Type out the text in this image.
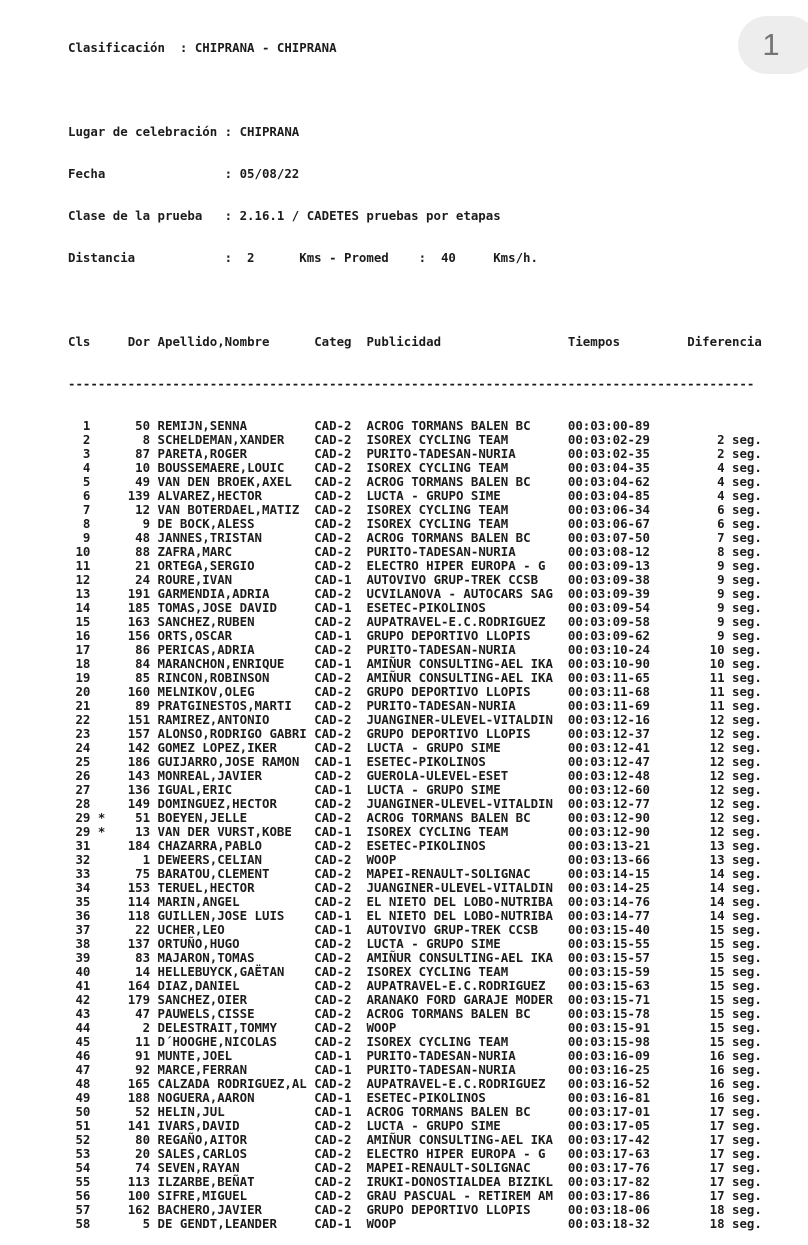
1

Clasificación : CHIPRANA - CHIPRANA

Lugar de celebración : CHIPRANA

Fecha	: 05/08/22

Clase de la prueba : 2.16.1 / CADETES pruebas por etapas

Distancia	:  2      Kms - Promed    :  40     Kms/h.

Cls     Dor Apellido,Nombre      Categ Publicidad                 Tiempos         Diferencia

--------------------------------------------------------------------------------------------

1      50 REMIJN,SENNA         CAD-2 ACROG TORMANS BALEN BC     00:03:00-89
2       8 SCHELDEMAN,XANDER    CAD-2 ISOREX CYCLING TEAM        00:03:02-29         2 seg.
3      87 PARETA,ROGER         CAD-2 PURITO-TADESAN-NURIA       00:03:02-35         2 seg.
4      10 BOUSSEMAERE,LOUIC    CAD-2 ISOREX CYCLING TEAM        00:03:04-35         4 seg.
5      49 VAN DEN BROEK,AXEL   CAD-2 ACROG TORMANS BALEN BC     00:03:04-62         4 seg.
6     139 ALVAREZ,HECTOR       CAD-2 LUCTA - GRUPO SIME         00:03:04-85         4 seg.
7      12 VAN BOTERDAEL,MATIZ  CAD-2 ISOREX CYCLING TEAM        00:03:06-34         6 seg.
8       9 DE BOCK,ALESS        CAD-2 ISOREX CYCLING TEAM        00:03:06-67         6 seg.
9      48 JANNES,TRISTAN       CAD-2 ACROG TORMANS BALEN BC     00:03:07-50         7 seg.
10      88 ZAFRA,MARC           CAD-2 PURITO-TADESAN-NURIA       00:03:08-12         8 seg.
11      21 ORTEGA,SERGIO        CAD-2 ELECTRO HIPER EUROPA - G   00:03:09-13         9 seg.
12      24 ROURE,IVAN           CAD-1 AUTOVIVO GRUP-TREK CCSB    00:03:09-38         9 seg.
13     191 GARMENDIA,ADRIA      CAD-2 UCVILANOVA - AUTOCARS SAG 00:03:09-39         9 seg.
14     185 TOMAS,JOSE DAVID     CAD-1 ESETEC-PIKOLINOS           00:03:09-54         9 seg.
15     163 SANCHEZ,RUBEN        CAD-2 AUPATRAVEL-E.C.RODRIGUEZ   00:03:09-58         9 seg.
16     156 ORTS,OSCAR           CAD-1 GRUPO DEPORTIVO LLOPIS     00:03:09-62         9 seg.
17      86 PERICAS,ADRIA        CAD-2 PURITO-TADESAN-NURIA       00:03:10-24        10 seg.
18      84 MARANCHON,ENRIQUE    CAD-1 AMIÑUR CONSULTING-AEL IKA 00:03:10-90        10 seg.
19      85 RINCON,ROBINSON      CAD-2 AMIÑUR CONSULTING-AEL IKA 00:03:11-65        11 seg.
20     160 MELNIKOV,OLEG        CAD-2 GRUPO DEPORTIVO LLOPIS     00:03:11-68        11 seg.
21      89 PRATGINESTOS,MARTI   CAD-2 PURITO-TADESAN-NURIA       00:03:11-69        11 seg.
22     151 RAMIREZ,ANTONIO      CAD-2 JUANGINER-ULEVEL-VITALDIN 00:03:12-16        12 seg.
23     157 ALONSO,RODRIGO GABRI CAD-2 GRUPO DEPORTIVO LLOPIS     00:03:12-37        12 seg.
24     142 GOMEZ LOPEZ,IKER     CAD-2 LUCTA - GRUPO SIME         00:03:12-41        12 seg.
25     186 GUIJARRO,JOSE RAMON  CAD-1 ESETEC-PIKOLINOS           00:03:12-47        12 seg.
26     143 MONREAL,JAVIER       CAD-2 GUEROLA-ULEVEL-ESET        00:03:12-48        12 seg.
27     136 IGUAL,ERIC           CAD-1 LUCTA - GRUPO SIME         00:03:12-60        12 seg.
28     149 DOMINGUEZ,HECTOR     CAD-2 JUANGINER-ULEVEL-VITALDIN 00:03:12-77        12 seg.
29 *    51 BOEYEN,JELLE         CAD-2 ACROG TORMANS BALEN BC     00:03:12-90        12 seg.
29 *    13 VAN DER VURST,KOBE   CAD-1 ISOREX CYCLING TEAM        00:03:12-90        12 seg.
31     184 CHAZARRA,PABLO       CAD-2 ESETEC-PIKOLINOS           00:03:13-21        13 seg.
32       1 DEWEERS,CELIAN       CAD-2 WOOP                       00:03:13-66        13 seg.
33      75 BARATOU,CLEMENT      CAD-2 MAPEI-RENAULT-SOLIGNAC     00:03:14-15        14 seg.
34     153 TERUEL,HECTOR        CAD-2 JUANGINER-ULEVEL-VITALDIN 00:03:14-25        14 seg.
35     114 MARIN,ANGEL          CAD-2 EL NIETO DEL LOBO-NUTRIBA 00:03:14-76        14 seg.
36     118 GUILLEN,JOSE LUIS    CAD-1 EL NIETO DEL LOBO-NUTRIBA 00:03:14-77        14 seg.
37      22 UCHER,LEO            CAD-1 AUTOVIVO GRUP-TREK CCSB    00:03:15-40        15 seg.
38     137 ORTUÑO,HUGO          CAD-2 LUCTA - GRUPO SIME         00:03:15-55        15 seg.
39      83 MAJARON,TOMAS        CAD-2 AMIÑUR CONSULTING-AEL IKA 00:03:15-57        15 seg.
40      14 HELLEBUYCK,GAËTAN    CAD-2 ISOREX CYCLING TEAM        00:03:15-59        15 seg.
41     164 DIAZ,DANIEL          CAD-2 AUPATRAVEL-E.C.RODRIGUEZ   00:03:15-63        15 seg.
42     179 SANCHEZ,OIER         CAD-2 ARANAKO FORD GARAJE MODER 00:03:15-71        15 seg.
43      47 PAUWELS,CISSE        CAD-2 ACROG TORMANS BALEN BC     00:03:15-78        15 seg.
44       2 DELESTRAIT,TOMMY     CAD-2 WOOP                       00:03:15-91        15 seg.
45      11 D´HOOGHE,NICOLAS     CAD-2 ISOREX CYCLING TEAM        00:03:15-98        15 seg.
46      91 MUNTE,JOEL           CAD-1 PURITO-TADESAN-NURIA       00:03:16-09        16 seg.
47      92 MARCE,FERRAN         CAD-1 PURITO-TADESAN-NURIA       00:03:16-25        16 seg.
48     165 CALZADA RODRIGUEZ,AL CAD-2 AUPATRAVEL-E.C.RODRIGUEZ   00:03:16-52        16 seg.
49     188 NOGUERA,AARON        CAD-1 ESETEC-PIKOLINOS           00:03:16-81        16 seg.
50      52 HELIN,JUL            CAD-1 ACROG TORMANS BALEN BC     00:03:17-01        17 seg.
51     141 IVARS,DAVID          CAD-2 LUCTA - GRUPO SIME         00:03:17-05        17 seg.
52      80 REGAÑO,AITOR         CAD-2 AMIÑUR CONSULTING-AEL IKA 00:03:17-42        17 seg.
53      20 SALES,CARLOS         CAD-2 ELECTRO HIPER EUROPA - G   00:03:17-63        17 seg.
54      74 SEVEN,RAYAN          CAD-2 MAPEI-RENAULT-SOLIGNAC     00:03:17-76        17 seg.
55     113 ILZARBE,BEÑAT        CAD-2 IRUKI-DONOSTIALDEA BIZIKL 00:03:17-82        17 seg.
56     100 SIFRE,MIGUEL         CAD-2 GRAU PASCUAL - RETIREM AM 00:03:17-86        17 seg.
57     162 BACHERO,JAVIER       CAD-2 GRUPO DEPORTIVO LLOPIS     00:03:18-06        18 seg.
58       5 DE GENDT,LEANDER     CAD-1 WOOP                       00:03:18-32        18 seg.
